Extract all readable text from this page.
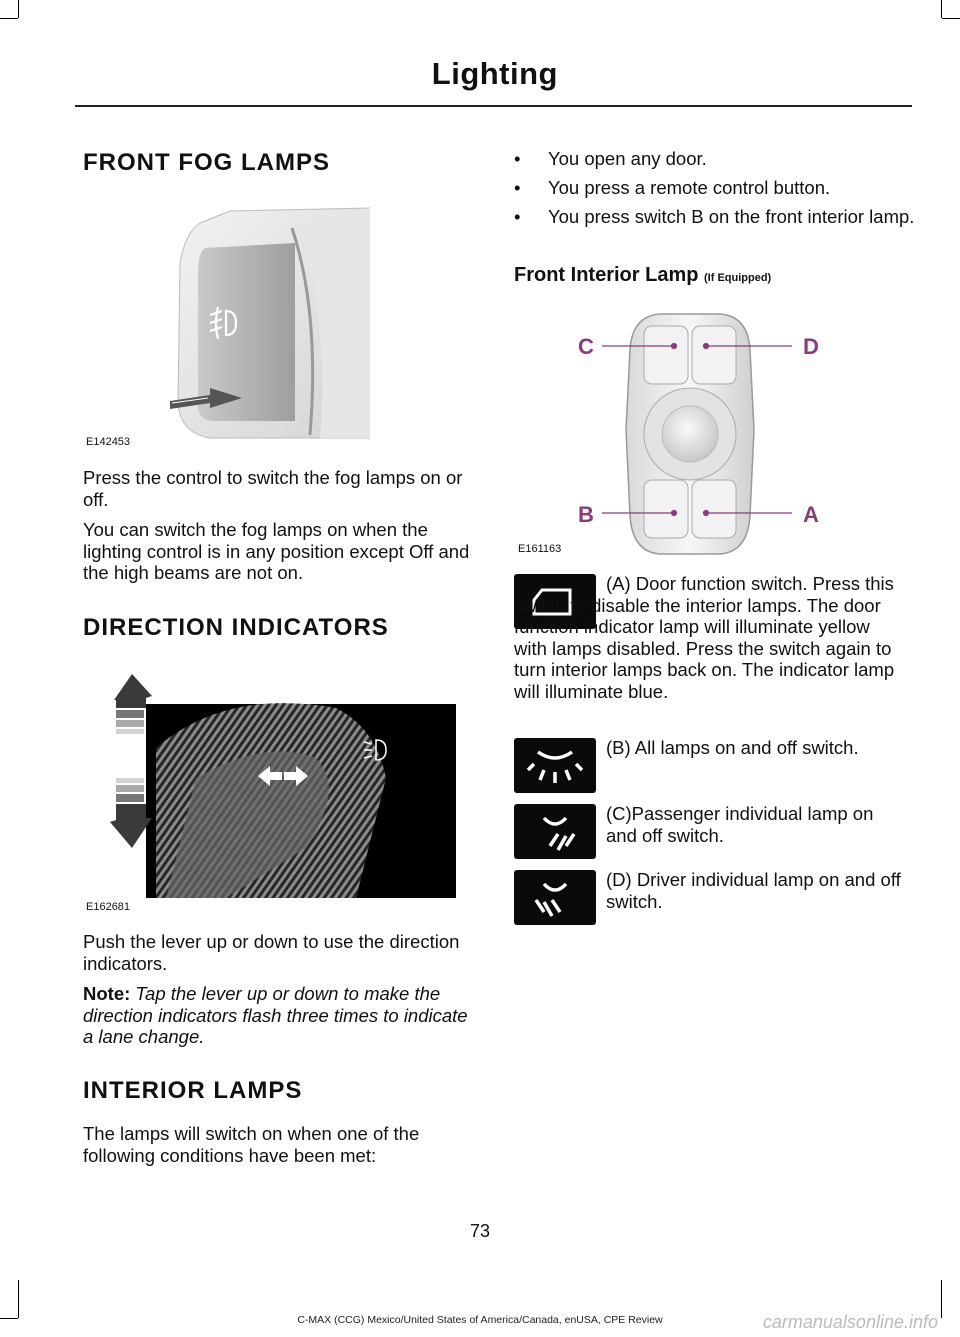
Lighting
FRONT FOG LAMPS
E142453

Press the control to switch the fog lamps on or off.

You can switch the fog lamps on when the lighting control is in any position except Off and the high beams are not on.

DIRECTION INDICATORS
E162681

Push the lever up or down to use the direction indicators.

Note: Tap the lever up or down to make the direction indicators flash three times to indicate a lane change.

INTERIOR LAMPS

The lamps will switch on when one of the following conditions have been met:

• You open any door.
• You press a remote control button.
• You press switch B on the front interior lamp.
Front Interior Lamp (If Equipped)
C	D
B	A
E161163

(A) Door function switch. Press this switch to disable the interior lamps. The door function indicator lamp will illuminate yellow with lamps disabled. Press the switch again to turn interior lamps back on. The indicator lamp will illuminate blue.

(B) All lamps on and off switch.

(C)Passenger individual lamp on and off switch.

(D) Driver individual lamp on and off switch.

73
C-MAX (CCG) Mexico/United States of America/Canada, enUSA, CPE Review	carmanualsonline.info
